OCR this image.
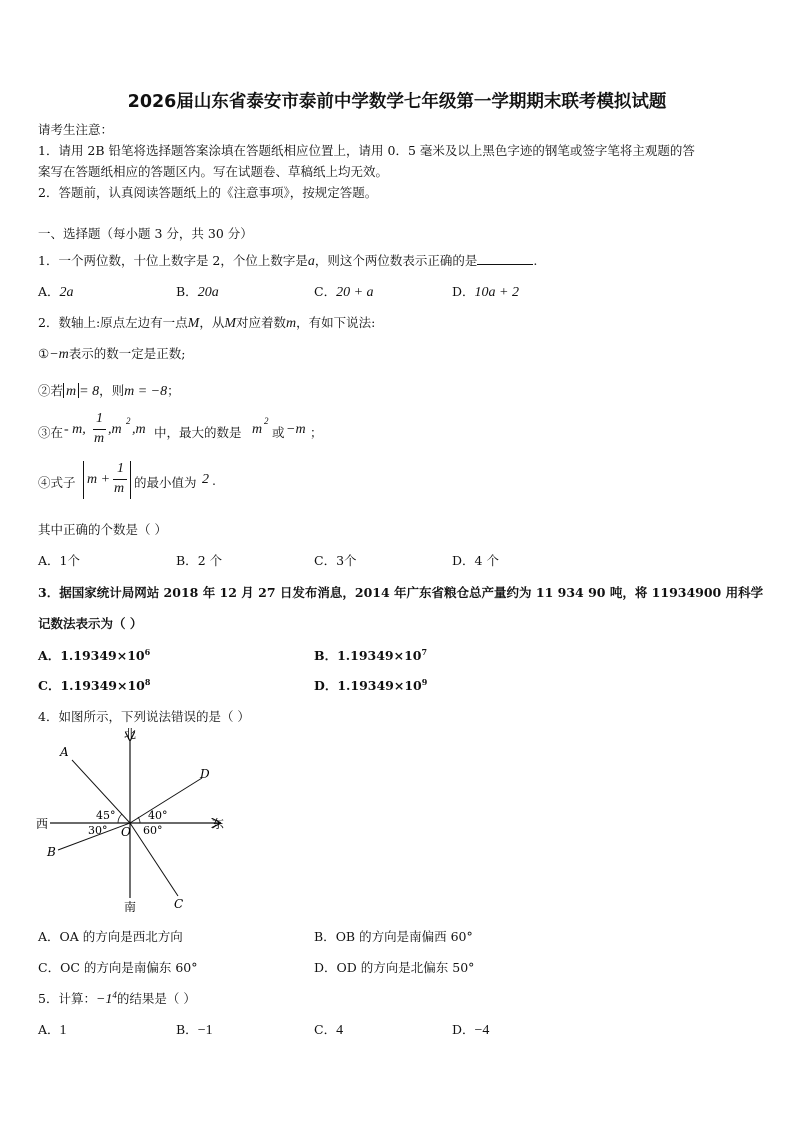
2026届山东省泰安市泰前中学数学七年级第一学期期末联考模拟试题
请考生注意：
1．请用 2B 铅笔将选择题答案涂填在答题纸相应位置上，请用 0．5 毫米及以上黑色字迹的钢笔或签字笔将主观题的答
案写在答题纸相应的答题区内。写在试题卷、草稿纸上均无效。
2．答题前，认真阅读答题纸上的《注意事项》，按规定答题。
一、选择题（每小题 3 分，共 30 分）
1．一个两位数，十位上数字是 2，个位上数字是a，则这个两位数表示正确的是	.
A．2a	B．20a	C．20 + a	D．10a + 2
2．数轴上:原点左边有一点M，从M对应着数m，有如下说法:
①−m表示的数一定是正数;
②若 m = 8，则m = −8；
③在 - m,
1
m
,m
2
,m 中，最大的数是 m
2
或 −m ；
④式子 m +
1
m 的最小值为 2 .
其中正确的个数是（ ）
A．1个	B．2 个	C．3个	D．4 个
3．据国家统计局网站 2018 年 12 月 27 日发布消息，2014 年广东省粮仓总产量约为 11 934 90 吨，将 11934900 用科学
记数法表示为（ ）
A．$1.19349\times 10^6$	B．$1.19349\times 10^7$
C．$1.19349\times 10^8$	D．$1.19349\times 10^9$
4．如图所示，下列说法错误的是（ ）
北
南
东
西
A
B
C
D
O
45°
30°
40°
60°
A．OA 的方向是西北方向	B．OB 的方向是南偏西 60°
C．OC 的方向是南偏东 60°	D．OD 的方向是北偏东 50°
5．计算：$-1^4$的结果是（ ）
A．1	B．−1	C．4	D．−4
